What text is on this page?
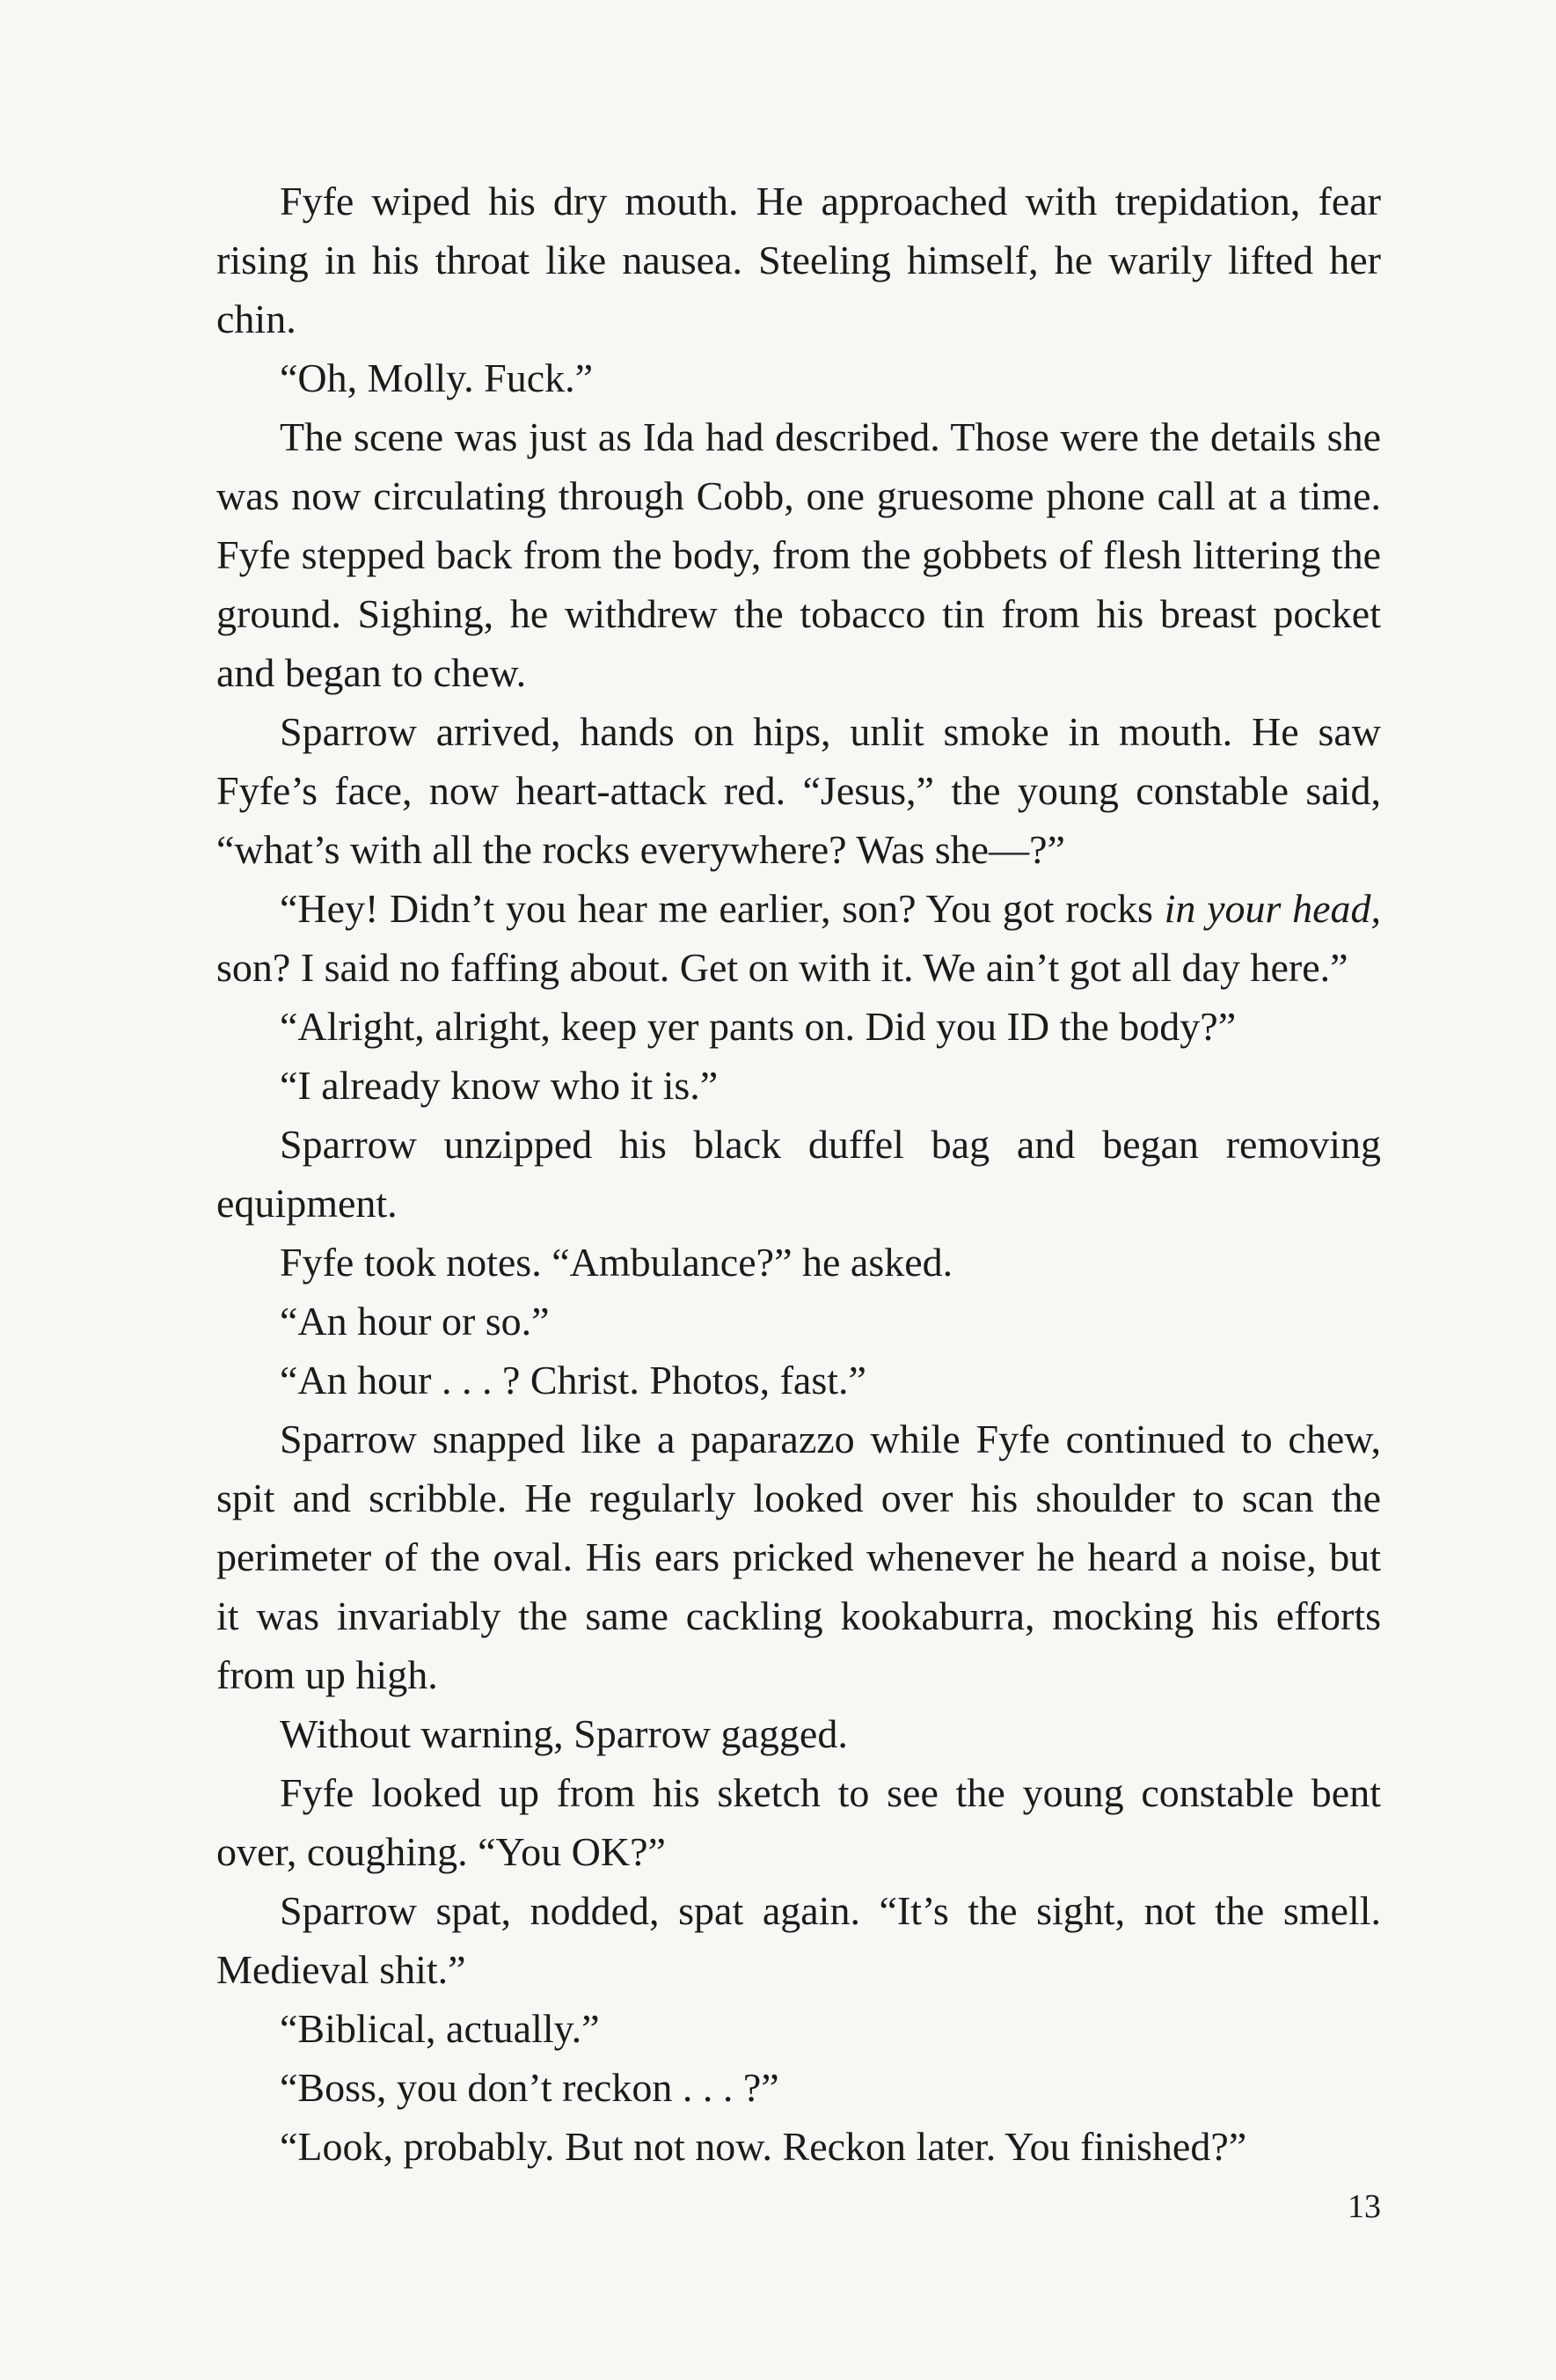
Fyfe wiped his dry mouth. He approached with trepidation, fear rising in his throat like nausea. Steeling himself, he warily lifted her chin.

“Oh, Molly. Fuck.”

The scene was just as Ida had described. Those were the details she was now circulating through Cobb, one gruesome phone call at a time. Fyfe stepped back from the body, from the gobbets of flesh littering the ground. Sighing, he withdrew the tobacco tin from his breast pocket and began to chew.

Sparrow arrived, hands on hips, unlit smoke in mouth. He saw Fyfe’s face, now heart-attack red. “Jesus,” the young constable said, “what’s with all the rocks everywhere? Was she—?”

“Hey! Didn’t you hear me earlier, son? You got rocks in your head, son? I said no faffing about. Get on with it. We ain’t got all day here.”

“Alright, alright, keep yer pants on. Did you ID the body?”

“I already know who it is.”

Sparrow unzipped his black duffel bag and began removing equipment.

Fyfe took notes. “Ambulance?” he asked.

“An hour or so.”

“An hour . . . ? Christ. Photos, fast.”

Sparrow snapped like a paparazzo while Fyfe continued to chew, spit and scribble. He regularly looked over his shoulder to scan the perimeter of the oval. His ears pricked whenever he heard a noise, but it was invariably the same cackling kookaburra, mocking his efforts from up high.

Without warning, Sparrow gagged.

Fyfe looked up from his sketch to see the young constable bent over, coughing. “You OK?”

Sparrow spat, nodded, spat again. “It’s the sight, not the smell. Medieval shit.”

“Biblical, actually.”

“Boss, you don’t reckon . . . ?”

“Look, probably. But not now. Reckon later. You finished?”

13
